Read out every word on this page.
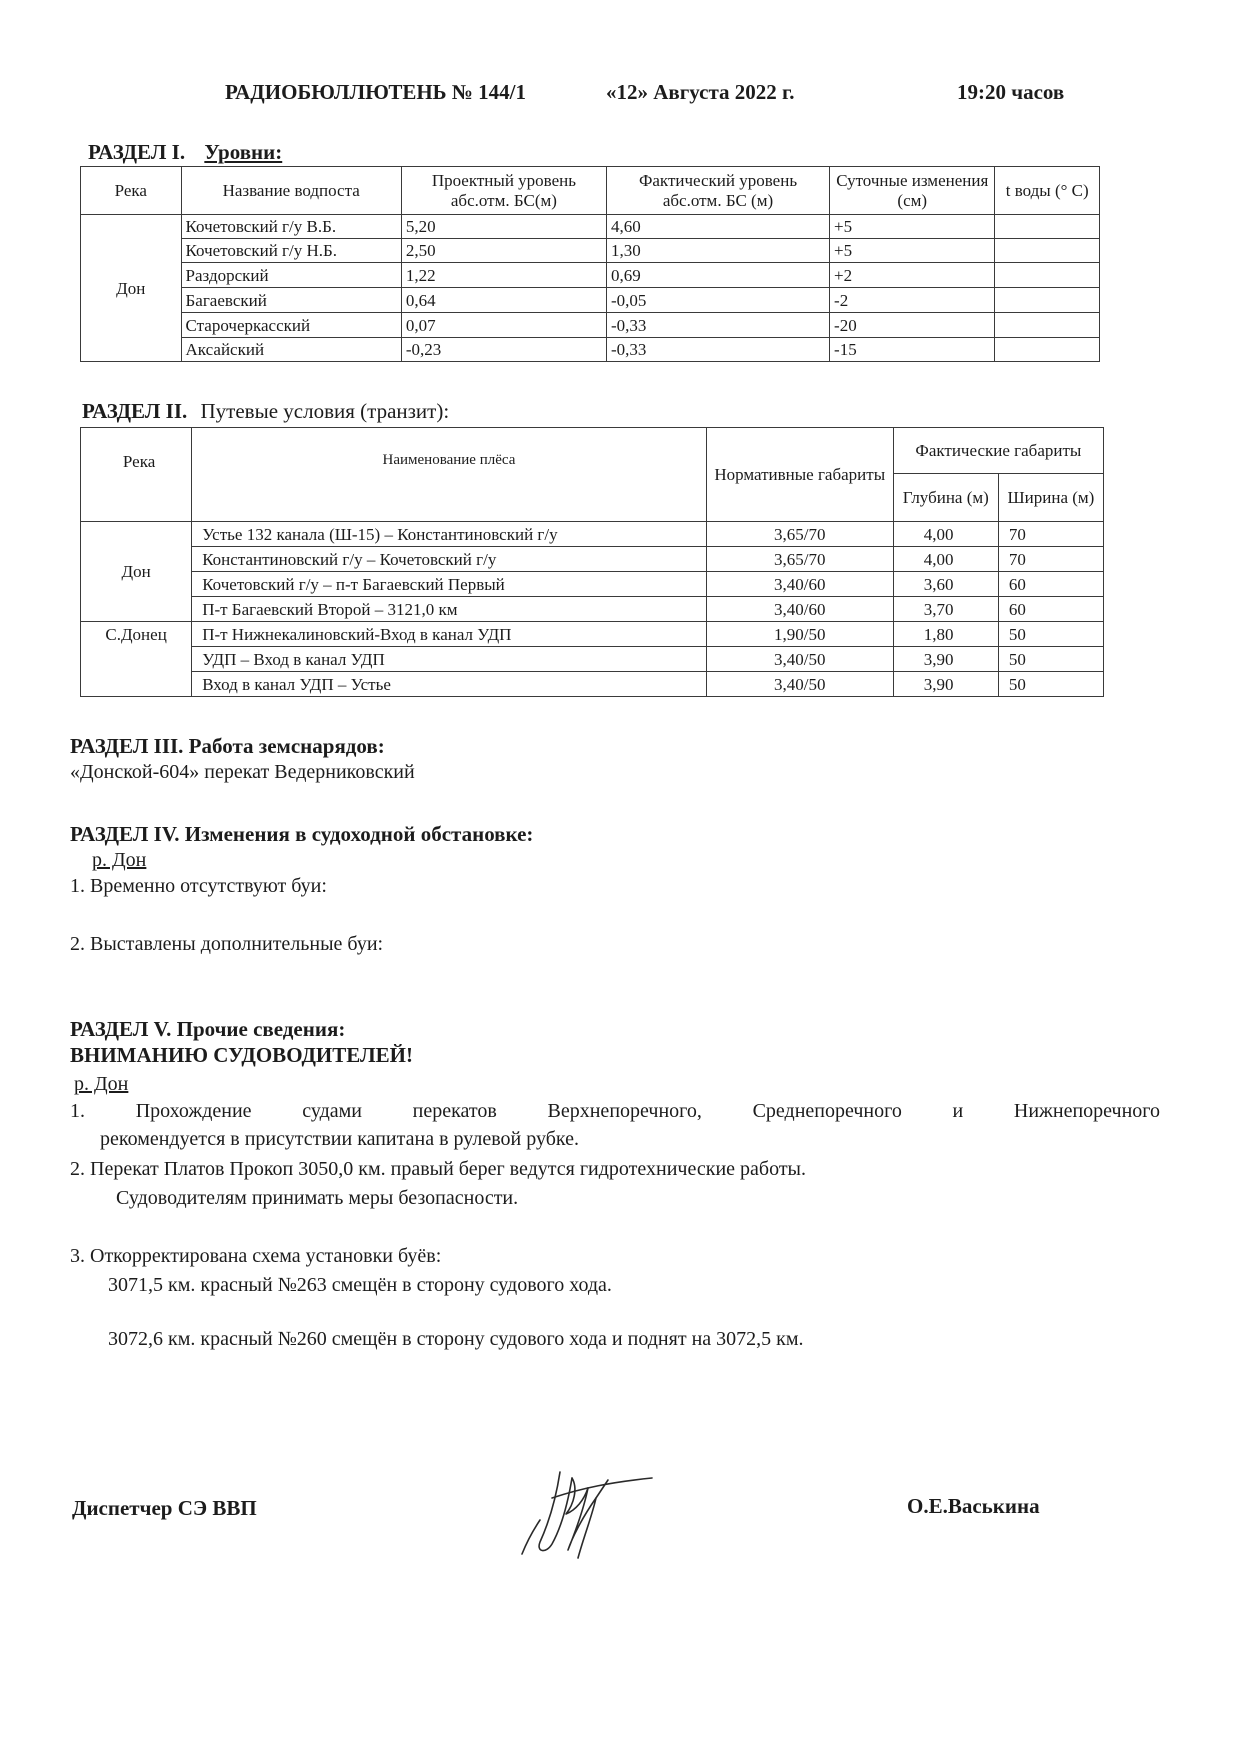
РАДИОБЮЛЛЮТЕНЬ № 144/1	«12» Августа 2022 г.	19:20 часов
РАЗДЕЛ I. Уровни:
Река	Название водпоста	Проектный уровень абс.отм. БС(м)	Фактический уровень абс.отм. БС (м)	Суточные изменения (см)	t воды (° С)
Дон	Кочетовский г/у В.Б.	5,20	4,60	+5	
	Кочетовский г/у Н.Б.	2,50	1,30	+5	
	Раздорский	1,22	0,69	+2	
	Багаевский	0,64	-0,05	-2	
	Старочеркасский	0,07	-0,33	-20	
	Аксайский	-0,23	-0,33	-15	
РАЗДЕЛ II. Путевые условия (транзит):
Река	Наименование плёса	Нормативные габариты	Фактические габариты	
			Глубина (м)	Ширина (м)
Дон	Устье 132 канала (Ш-15) – Константиновский г/у	3,65/70	4,00	70
	Константиновский г/у – Кочетовский г/у	3,65/70	4,00	70
	Кочетовский г/у – п-т Багаевский Первый	3,40/60	3,60	60
	П-т Багаевский Второй – 3121,0 км	3,40/60	3,70	60
С.Донец	П-т Нижнекалиновский-Вход в канал УДП	1,90/50	1,80	50
	УДП – Вход в канал УДП	3,40/50	3,90	50
	Вход в канал УДП – Устье	3,40/50	3,90	50
РАЗДЕЛ III. Работа земснарядов:
«Донской-604» перекат Ведерниковский
РАЗДЕЛ IV. Изменения в судоходной обстановке:
р. Дон
1. Временно отсутствуют буи:
2. Выставлены дополнительные буи:
РАЗДЕЛ V. Прочие сведения:
ВНИМАНИЮ СУДОВОДИТЕЛЕЙ!
р. Дон
1.	Прохождение	судами	перекатов	Верхнепоречного,	Среднепоречного	и	Нижнепоречного
рекомендуется в присутствии капитана в рулевой рубке.
2. Перекат Платов Прокоп 3050,0 км. правый берег ведутся гидротехнические работы.
Судоводителям принимать меры безопасности.
3. Откорректирована схема установки буёв:
3071,5 км. красный №263 смещён в сторону судового хода.
3072,6 км. красный №260 смещён в сторону судового хода и поднят на 3072,5 км.
Диспетчер СЭ ВВП	О.Е.Васькина
